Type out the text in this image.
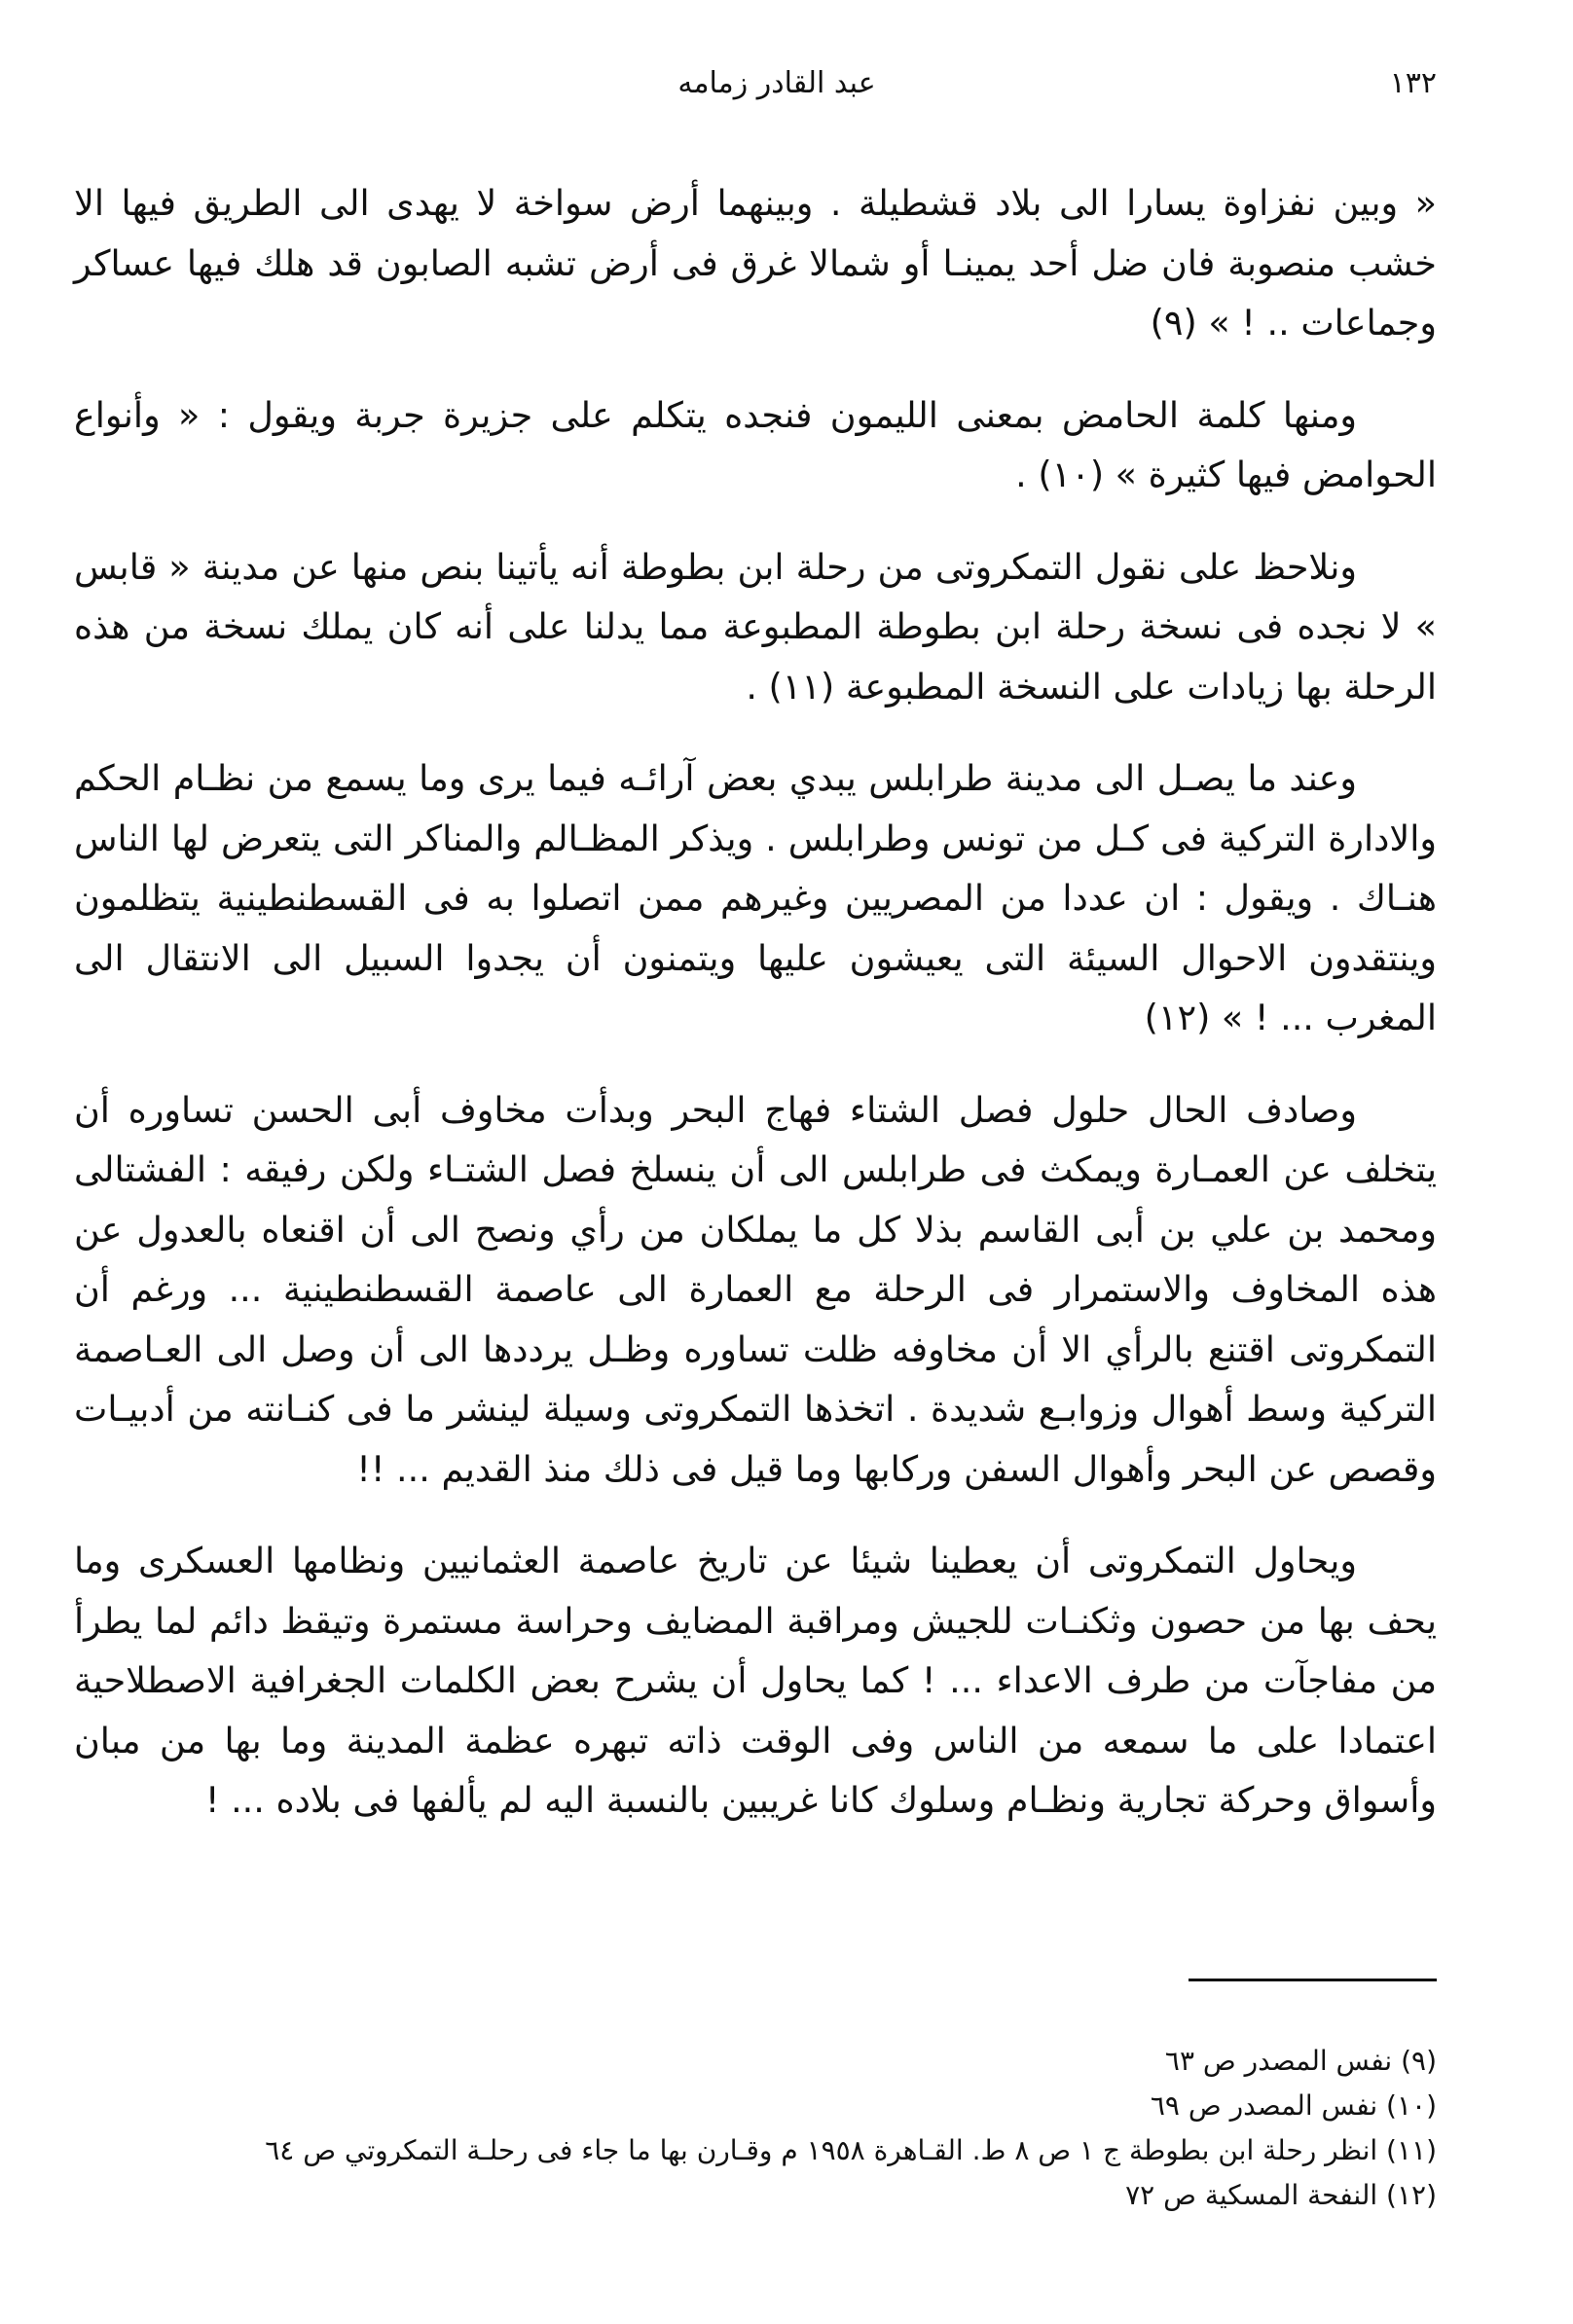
١٣٢
عبد القادر زمامه

« وبين نفزاوة يسارا الى بلاد قشطيلة . وبينهما أرض سواخة لا يهدى الى الطريق فيها الا خشب منصوبة فان ضل أحد يمينـا أو شمالا غرق فى أرض تشبه الصابون قد هلك فيها عساكر وجماعات .. ! » (٩)

ومنها كلمة الحامض بمعنى الليمون فنجده يتكلم على جزيرة جربة ويقول : « وأنواع الحوامض فيها كثيرة » (١٠) .

ونلاحظ على نقول التمكروتى من رحلة ابن بطوطة أنه يأتينا بنص منها عن مدينة « قابس » لا نجده فى نسخة رحلة ابن بطوطة المطبوعة مما يدلنا على أنه كان يملك نسخة من هذه الرحلة بها زيادات على النسخة المطبوعة (١١) .

وعند ما يصـل الى مدينة طرابلس يبدي بعض آرائـه فيما يرى وما يسمع من نظـام الحكم والادارة التركية فى كـل من تونس وطرابلس . ويذكر المظـالم والمناكر التى يتعرض لها الناس هنـاك . ويقول : ان عددا من المصريين وغيرهم ممن اتصلوا به فى القسطنطينية يتظلمون وينتقدون الاحوال السيئة التى يعيشون عليها ويتمنون أن يجدوا السبيل الى الانتقال الى المغرب ... ! » (١٢)

وصادف الحال حلول فصل الشتاء فهاج البحر وبدأت مخاوف أبى الحسن تساوره أن يتخلف عن العمـارة ويمكث فى طرابلس الى أن ينسلخ فصل الشتـاء ولكن رفيقه : الفشتالى ومحمد بن علي بن أبى القاسم بذلا كل ما يملكان من رأي ونصح الى أن اقنعاه بالعدول عن هذه المخاوف والاستمرار فى الرحلة مع العمارة الى عاصمة القسطنطينية ... ورغم أن التمكروتى اقتنع بالرأي الا أن مخاوفه ظلت تساوره وظـل يرددها الى أن وصل الى العـاصمة التركية وسط أهوال وزوابـع شديدة . اتخذها التمكروتى وسيلة لينشر ما فى كنـانته من أدبيـات وقصص عن البحر وأهوال السفن وركابها وما قيل فى ذلك منذ القديم ... !!

ويحاول التمكروتى أن يعطينا شيئا عن تاريخ عاصمة العثمانيين ونظامها العسكرى وما يحف بها من حصون وثكنـات للجيش ومراقبة المضايف وحراسة مستمرة وتيقظ دائم لما يطرأ من مفاجآت من طرف الاعداء ... ! كما يحاول أن يشرح بعض الكلمات الجغرافية الاصطلاحية اعتمادا على ما سمعه من الناس وفى الوقت ذاته تبهره عظمة المدينة وما بها من مبان وأسواق وحركة تجارية ونظـام وسلوك كانا غريبين بالنسبة اليه لم يألفها فى بلاده ... !

(٩) نفس المصدر ص ٦٣
(١٠) نفس المصدر ص ٦٩
(١١) انظر رحلة ابن بطوطة ج ١ ص ٨ ط. القـاهرة ١٩٥٨ م وقـارن بها ما جاء فى رحلـة التمكروتي ص ٦٤
(١٢) النفحة المسكية ص ٧٢
